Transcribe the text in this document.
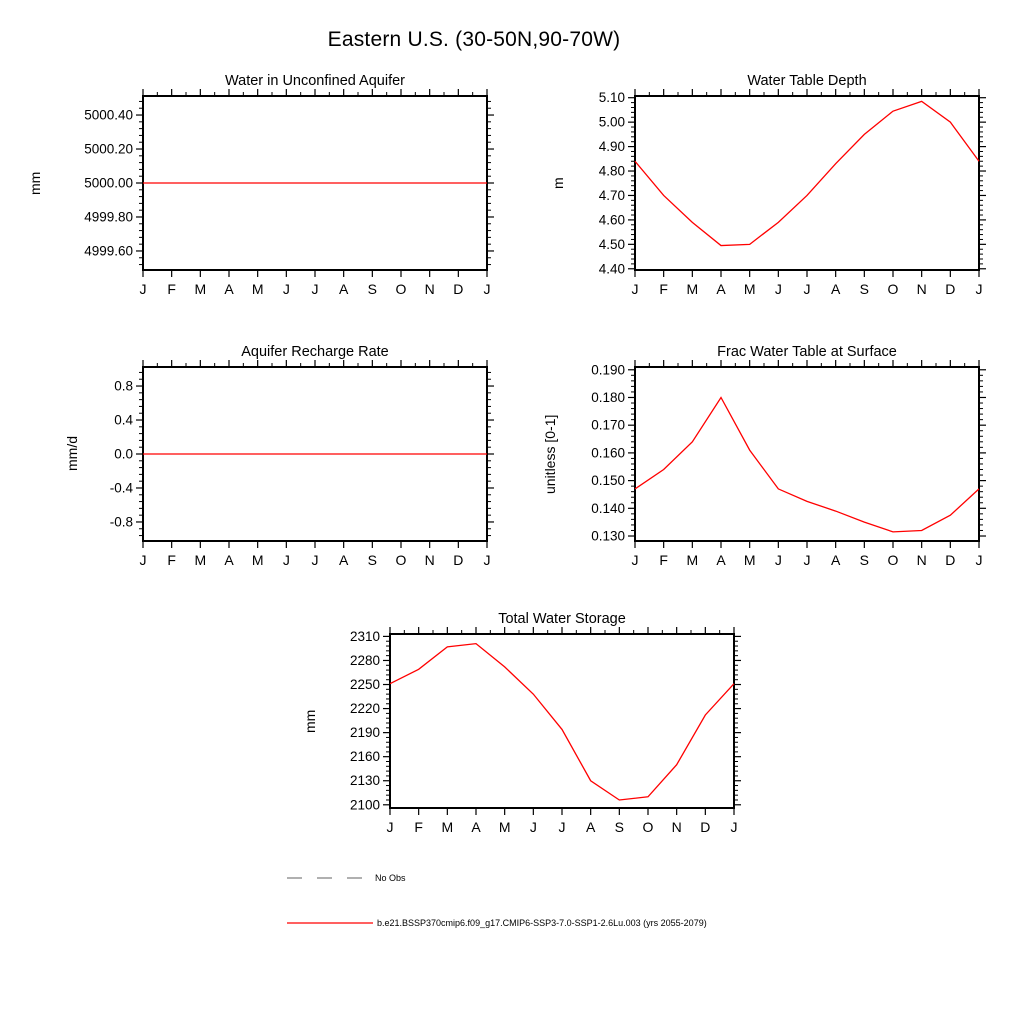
Eastern U.S. (30-50N,90-70W)
Water in Unconfined Aquifer
mm
J F M A M J J A S O N D J
4999.60
4999.80
5000.00
5000.20
5000.40
Water Table Depth
m
J F M A M J J A S O N D J
4.40
4.50
4.60
4.70
4.80
4.90
5.00
5.10
Aquifer Recharge Rate
mm/d
J F M A M J J A S O N D J
-0.8
-0.4
0.0
0.4
0.8
Frac Water Table at Surface
unitless [0-1]
J F M A M J J A S O N D J
0.130
0.140
0.150
0.160
0.170
0.180
0.190
Total Water Storage
mm
J F M A M J J A S O N D J
2100
2130
2160
2190
2220
2250
2280
2310
No Obs
b.e21.BSSP370cmip6.f09_g17.CMIP6-SSP3-7.0-SSP1-2.6Lu.003 (yrs 2055-2079)
